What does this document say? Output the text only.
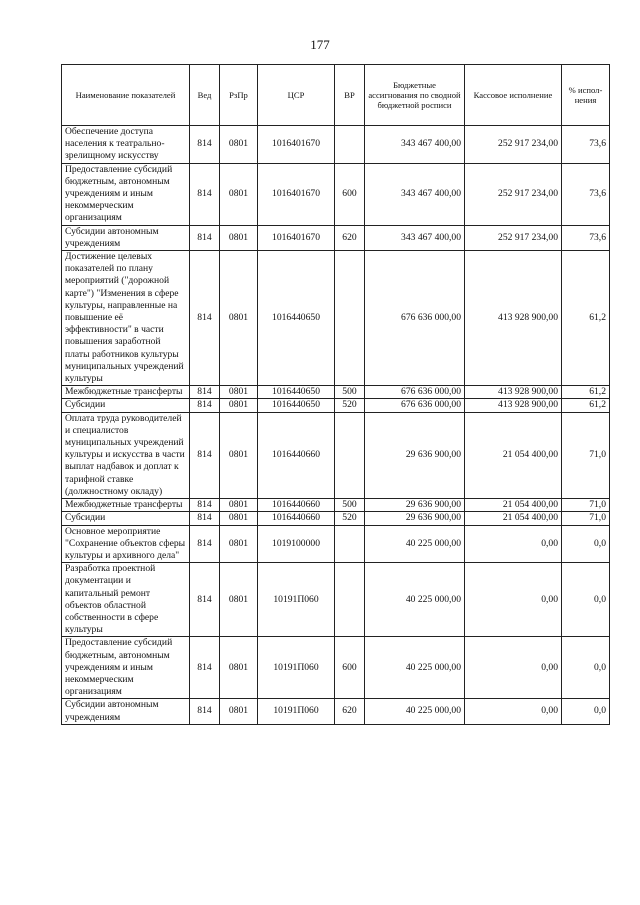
177
Наименование показателей	Вед	РзПр	ЦСР	ВР	Бюджетные ассигнования по сводной бюджетной росписи	Кассовое исполнение	% испол-нения
Обеспечение доступа населения к театрально-зрелищному искусству	814	0801	1016401670		343 467 400,00	252 917 234,00	73,6
Предоставление субсидий бюджетным, автономным учреждениям и иным некоммерческим организациям	814	0801	1016401670	600	343 467 400,00	252 917 234,00	73,6
Субсидии автономным учреждениям	814	0801	1016401670	620	343 467 400,00	252 917 234,00	73,6
Достижение целевых показателей по плану мероприятий ("дорожной карте") "Изменения в сфере культуры, направленные на повышение её эффективности" в части повышения заработной платы работников культуры муниципальных учреждений культуры	814	0801	1016440650		676 636 000,00	413 928 900,00	61,2
Межбюджетные трансферты	814	0801	1016440650	500	676 636 000,00	413 928 900,00	61,2
Субсидии	814	0801	1016440650	520	676 636 000,00	413 928 900,00	61,2
Оплата труда руководителей и специалистов муниципальных учреждений культуры и искусства в части выплат надбавок и доплат к тарифной ставке (должностному окладу)	814	0801	1016440660		29 636 900,00	21 054 400,00	71,0
Межбюджетные трансферты	814	0801	1016440660	500	29 636 900,00	21 054 400,00	71,0
Субсидии	814	0801	1016440660	520	29 636 900,00	21 054 400,00	71,0
Основное мероприятие "Сохранение объектов сферы культуры и архивного дела"	814	0801	1019100000		40 225 000,00	0,00	0,0
Разработка проектной документации и капитальный ремонт объектов областной собственности в сфере культуры	814	0801	10191П060		40 225 000,00	0,00	0,0
Предоставление субсидий бюджетным, автономным учреждениям и иным некоммерческим организациям	814	0801	10191П060	600	40 225 000,00	0,00	0,0
Субсидии автономным учреждениям	814	0801	10191П060	620	40 225 000,00	0,00	0,0
